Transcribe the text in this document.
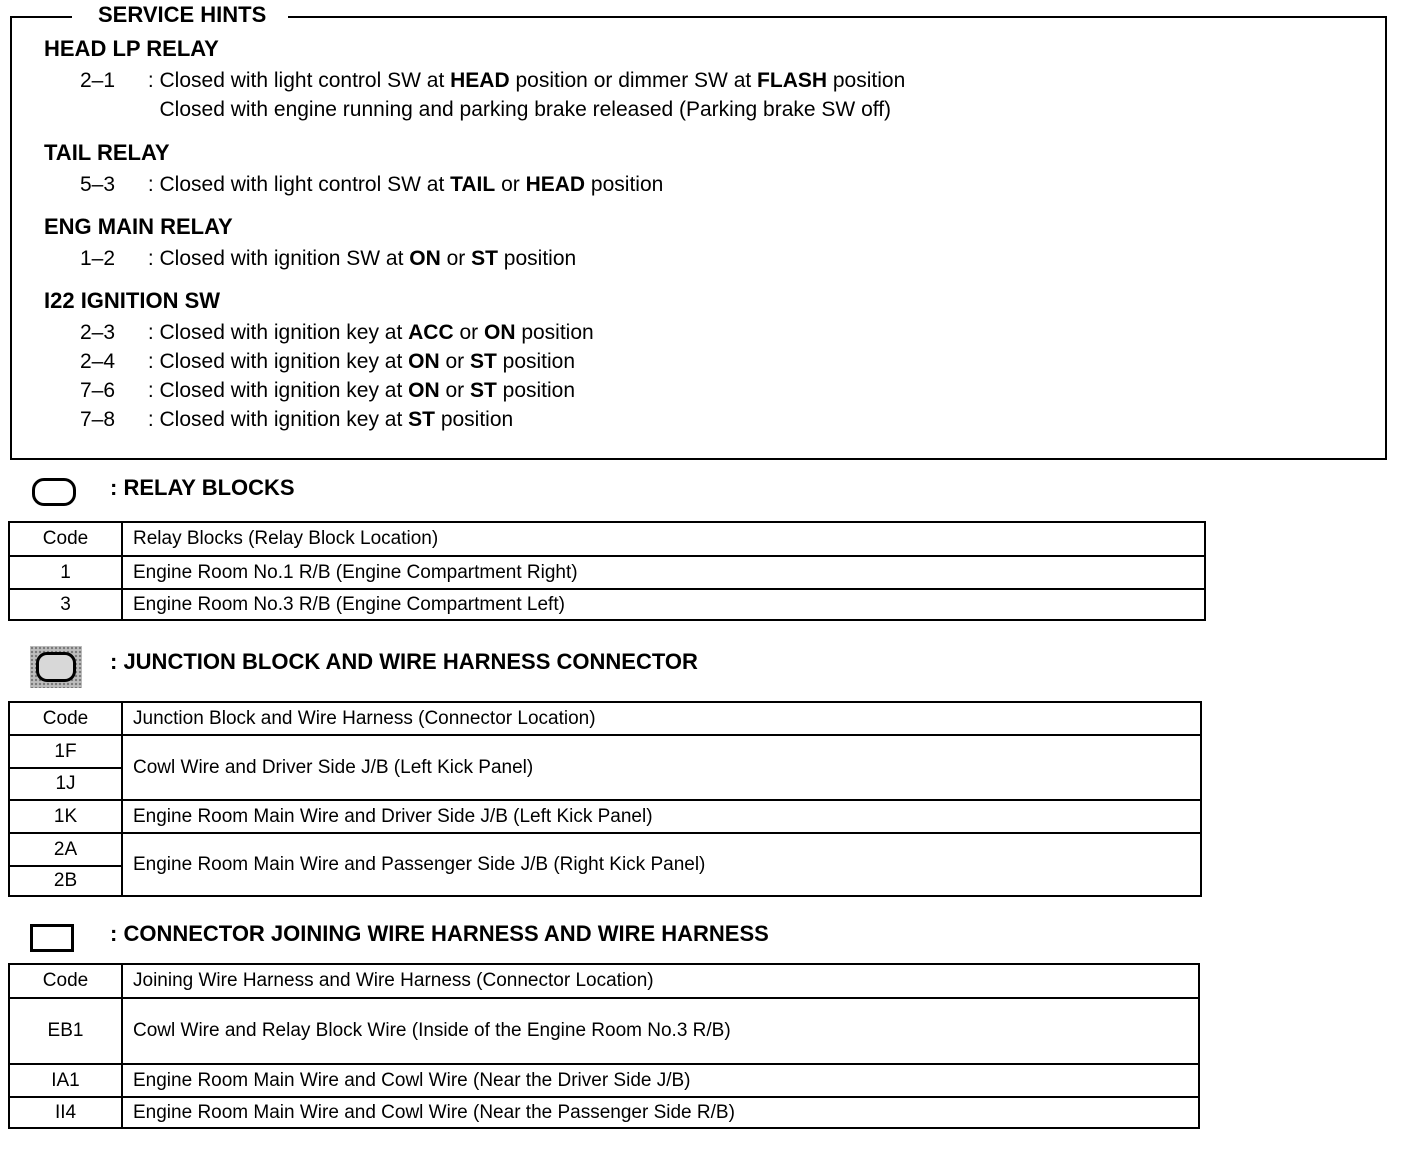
SERVICE HINTS
HEAD LP RELAY
2–1 : Closed with light control SW at HEAD position or dimmer SW at FLASH position
Closed with engine running and parking brake released (Parking brake SW off)
TAIL RELAY
5–3 : Closed with light control SW at TAIL or HEAD position
ENG MAIN RELAY
1–2 : Closed with ignition SW at ON or ST position
I22 IGNITION SW
2–3 : Closed with ignition key at ACC or ON position
2–4 : Closed with ignition key at ON or ST position
7–6 : Closed with ignition key at ON or ST position
7–8 : Closed with ignition key at ST position
: RELAY BLOCKS
Code	Relay Blocks (Relay Block Location)
1	Engine Room No.1 R/B (Engine Compartment Right)
3	Engine Room No.3 R/B (Engine Compartment Left)
: JUNCTION BLOCK AND WIRE HARNESS CONNECTOR
Code	Junction Block and Wire Harness (Connector Location)
1F	Cowl Wire and Driver Side J/B (Left Kick Panel)
1J	
1K	Engine Room Main Wire and Driver Side J/B (Left Kick Panel)
2A	Engine Room Main Wire and Passenger Side J/B (Right Kick Panel)
2B	
: CONNECTOR JOINING WIRE HARNESS AND WIRE HARNESS
Code	Joining Wire Harness and Wire Harness (Connector Location)
EB1	Cowl Wire and Relay Block Wire (Inside of the Engine Room No.3 R/B)
IA1	Engine Room Main Wire and Cowl Wire (Near the Driver Side J/B)
II4	Engine Room Main Wire and Cowl Wire (Near the Passenger Side R/B)
